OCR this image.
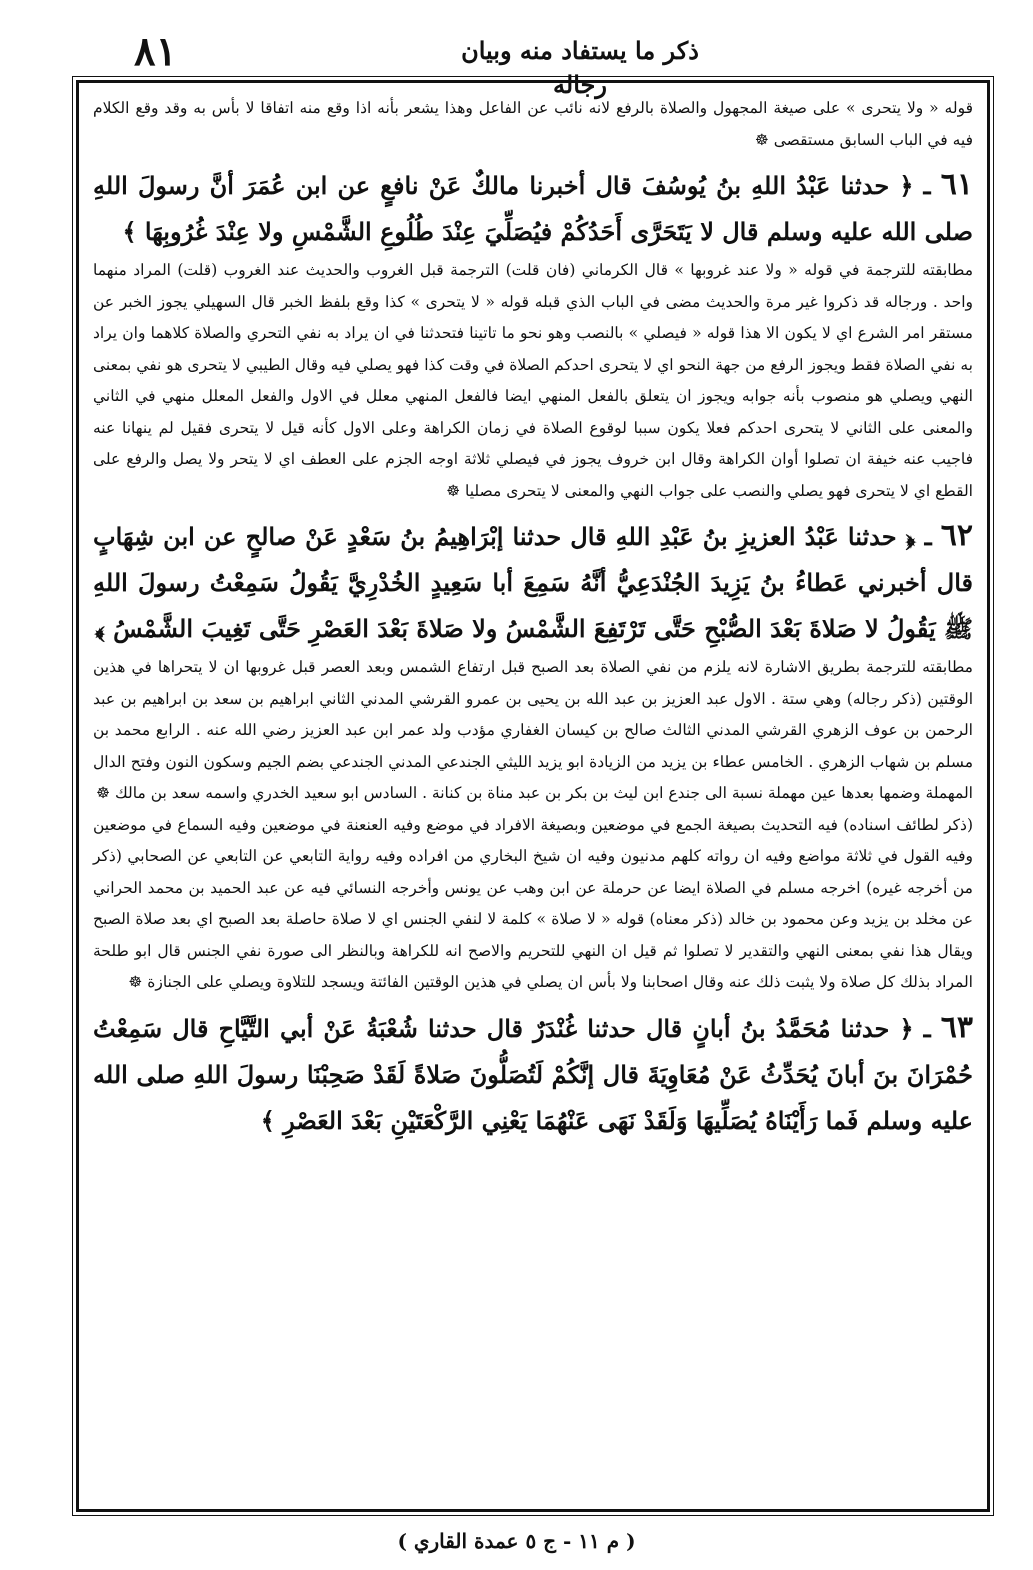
٨١	ذكر ما يستفاد منه وبيان رجاله

قوله « ولا يتحرى » على صيغة المجهول والصلاة بالرفع لانه نائب عن الفاعل وهذا يشعر بأنه اذا وقع منه اتفاقا لا بأس به وقد وقع الكلام فيه في الباب السابق مستقصى ☸

٦١ ـ ﴿ حدثنا عَبْدُ اللهِ بنُ يُوسُفَ قال أخبرنا مالكٌ عَنْ نافعٍ عن ابن عُمَرَ أنَّ رسولَ اللهِ صلى الله عليه وسلم قال لا يَتَحَرَّى أَحَدُكُمْ فيُصَلِّيَ عِنْدَ طُلُوعِ الشَّمْسِ ولا عِنْدَ غُرُوبِهَا ﴾

مطابقته للترجمة في قوله « ولا عند غروبها » قال الكرماني (فان قلت) الترجمة قبل الغروب والحديث عند الغروب (قلت) المراد منهما واحد . ورجاله قد ذكروا غير مرة والحديث مضى في الباب الذي قبله قوله « لا يتحرى » كذا وقع بلفظ الخبر قال السهيلي يجوز الخبر عن مستقر امر الشرع اي لا يكون الا هذا قوله « فيصلي » بالنصب وهو نحو ما تاتينا فتحدثنا في ان يراد به نفي التحري والصلاة كلاهما وان يراد به نفي الصلاة فقط ويجوز الرفع من جهة النحو اي لا يتحرى احدكم الصلاة في وقت كذا فهو يصلي فيه وقال الطيبي لا يتحرى هو نفي بمعنى النهي ويصلي هو منصوب بأنه جوابه ويجوز ان يتعلق بالفعل المنهي ايضا فالفعل المنهي معلل في الاول والفعل المعلل منهي في الثاني والمعنى على الثاني لا يتحرى احدكم فعلا يكون سببا لوقوع الصلاة في زمان الكراهة وعلى الاول كأنه قيل لا يتحرى فقيل لم ينهانا عنه فاجيب عنه خيفة ان تصلوا أوان الكراهة وقال ابن خروف يجوز في فيصلي ثلاثة اوجه الجزم على العطف اي لا يتحر ولا يصل والرفع على القطع اي لا يتحرى فهو يصلي والنصب على جواب النهي والمعنى لا يتحرى مصليا ☸

٦٢ ـ ﴿ حدثنا عَبْدُ العزيزِ بنُ عَبْدِ اللهِ قال حدثنا إبْرَاهِيمُ بنُ سَعْدٍ عَنْ صالحٍ عن ابن شِهَابٍ قال أخبرني عَطاءُ بنُ يَزِيدَ الجُنْدَعِيُّ أنَّهُ سَمِعَ أبا سَعِيدٍ الخُدْرِيَّ يَقُولُ سَمِعْتُ رسولَ اللهِ ﷺ يَقُولُ لا صَلاةَ بَعْدَ الصُّبْحِ حَتَّى تَرْتَفِعَ الشَّمْسُ ولا صَلاةَ بَعْدَ العَصْرِ حَتَّى تَغِيبَ الشَّمْسُ ﴾

مطابقته للترجمة بطريق الاشارة لانه يلزم من نفي الصلاة بعد الصبح قبل ارتفاع الشمس وبعد العصر قبل غروبها ان لا يتحراها في هذين الوقتين (ذكر رجاله) وهي ستة . الاول عبد العزيز بن عبد الله بن يحيى بن عمرو القرشي المدني الثاني ابراهيم بن سعد بن ابراهيم بن عبد الرحمن بن عوف الزهري القرشي المدني الثالث صالح بن كيسان الغفاري مؤدب ولد عمر ابن عبد العزيز رضي الله عنه . الرابع محمد بن مسلم بن شهاب الزهري . الخامس عطاء بن يزيد من الزيادة ابو يزيد الليثي الجندعي المدني الجندعي بضم الجيم وسكون النون وفتح الدال المهملة وضمها بعدها عين مهملة نسبة الى جندع ابن ليث بن بكر بن عبد مناة بن كنانة . السادس ابو سعيد الخدري واسمه سعد بن مالك ☸

(ذكر لطائف اسناده) فيه التحديث بصيغة الجمع في موضعين وبصيغة الافراد في موضع وفيه العنعنة في موضعين وفيه السماع في موضعين وفيه القول في ثلاثة مواضع وفيه ان رواته كلهم مدنيون وفيه ان شيخ البخاري من افراده وفيه رواية التابعي عن التابعي عن الصحابي (ذكر من أخرجه غيره) اخرجه مسلم في الصلاة ايضا عن حرملة عن ابن وهب عن يونس وأخرجه النسائي فيه عن عبد الحميد بن محمد الحراني عن مخلد بن يزيد وعن محمود بن خالد (ذكر معناه) قوله « لا صلاة » كلمة لا لنفي الجنس اي لا صلاة حاصلة بعد الصبح اي بعد صلاة الصبح ويقال هذا نفي بمعنى النهي والتقدير لا تصلوا ثم قيل ان النهي للتحريم والاصح انه للكراهة وبالنظر الى صورة نفي الجنس قال ابو طلحة المراد بذلك كل صلاة ولا يثبت ذلك عنه وقال اصحابنا ولا بأس ان يصلي في هذين الوقتين الفائتة ويسجد للتلاوة ويصلي على الجنازة ☸

٦٣ ـ ﴿ حدثنا مُحَمَّدُ بنُ أبانٍ قال حدثنا غُنْدَرٌ قال حدثنا شُعْبَةُ عَنْ أبي التَّيَّاحِ قال سَمِعْتُ حُمْرَانَ بنَ أبانَ يُحَدِّثُ عَنْ مُعَاوِيَةَ قال إنَّكُمْ لَتُصَلُّونَ صَلاةً لَقَدْ صَحِبْنَا رسولَ اللهِ صلى الله عليه وسلم فَما رَأَيْنَاهُ يُصَلِّيهَا وَلَقَدْ نَهَى عَنْهُمَا يَعْنِي الرَّكْعَتَيْنِ بَعْدَ العَصْرِ ﴾

( م ١١ - ج ٥ عمدة القاري )
